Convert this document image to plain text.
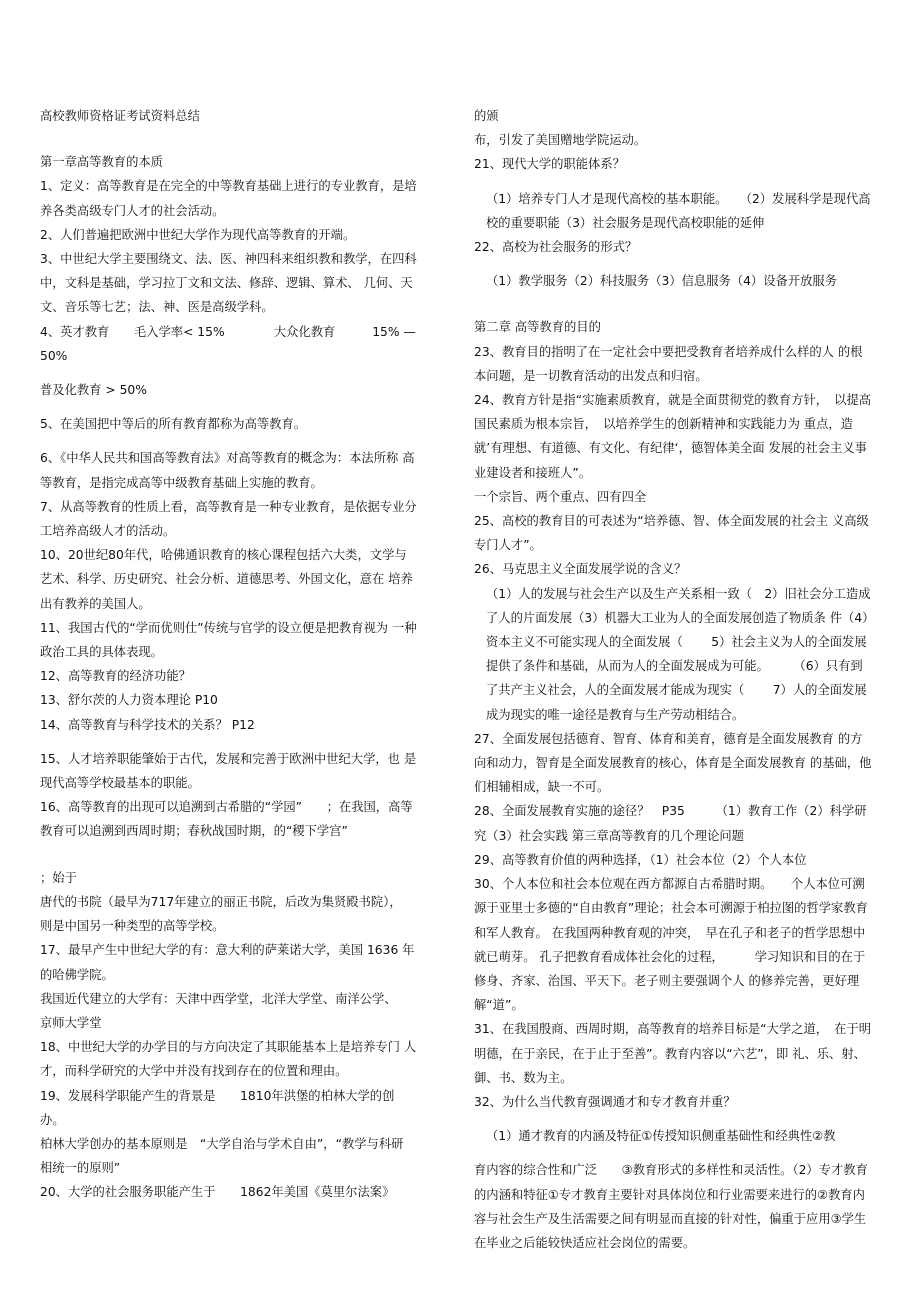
高校教师资格证考试资料总结

第一章高等教育的本质

1、定义：高等教育是在完全的中等教育基础上进行的专业教育，是培养各类高级专门人才的社会活动。

2、人们普遍把欧洲中世纪大学作为现代高等教育的开端。

3、中世纪大学主要围绕文、法、医、神四科来组织教和教学，在四科中，文科是基础，学习拉丁文和文法、修辞、逻辑、算术、 几何、天文、音乐等七艺；法、神、医是高级学科。

4、英才教育　　毛入学率< 15%　　　　大众化教育　　　15% —50%

普及化教育 > 50%

5、在美国把中等后的所有教育都称为高等教育。

6、《中华人民共和国高等教育法》对高等教育的概念为：本法所称 高等教育，是指完成高等中级教育基础上实施的教育。

7、从高等教育的性质上看，高等教育是一种专业教育，是依据专业分工培养高级人才的活动。

10、20世纪80年代，哈佛通识教育的核心课程包括六大类，文学与艺术、科学、历史研究、社会分析、道德思考、外国文化，意在 培养出有教养的美国人。

11、我国古代的“学而优则仕”传统与官学的设立便是把教育视为 一种政治工具的具体表现。

12、高等教育的经济功能？

13、舒尔茨的人力资本理论 P10

14、高等教育与科学技术的关系？ P12

15、人才培养职能肇始于古代，发展和完善于欧洲中世纪大学，也 是现代高等学校最基本的职能。

16、高等教育的出现可以追溯到古希腊的“学园”　　；在我国，高等

教育可以追溯到西周时期；春秋战国时期，的“稷下学宫”

；始于

唐代的书院（最早为717年建立的丽正书院，后改为集贤殿书院），　则是中国另一种类型的高等学校。

17、最早产生中世纪大学的有：意大利的萨莱诺大学，美国 1636 年的哈佛学院。

我国近代建立的大学有：天津中西学堂，北洋大学堂、南洋公学、

京师大学堂

18、中世纪大学的办学目的与方向决定了其职能基本上是培养专门 人才，而科学研究的大学中并没有找到存在的位置和理由。

19、发展科学职能产生的背景是　　1810年洪堡的柏林大学的创办。

柏林大学创办的基本原则是　“大学自治与学术自由”，“教学与科研 相统一的原则”

20、大学的社会服务职能产生于　　1862年美国《莫里尔法案》

的颁

布，引发了美国赠地学院运动。

21、现代大学的职能体系？

（1）培养专门人才是现代高校的基本职能。　　（2）发展科学是现代高校的重要职能（3）社会服务是现代高校职能的延伸

22、高校为社会服务的形式？

（1）教学服务（2）科技服务（3）信息服务（4）设备开放服务

第二章 高等教育的目的

23、教育目的指明了在一定社会中要把受教育者培养成什么样的人 的根本问题，是一切教育活动的出发点和归宿。

24、教育方针是指“实施素质教育，就是全面贯彻党的教育方针，　以提高国民素质为根本宗旨，　以培养学生的创新精神和实践能力为 重点，造就’有理想、有道德、有文化、有纪律‘，德智体美全面 发展的社会主义事业建设者和接班人”。

一个宗旨、两个重点、四有四全

25、高校的教育目的可表述为“培养德、智、体全面发展的社会主 义高级专门人才”。

26、马克思主义全面发展学说的含义？

（1）人的发展与社会生产以及生产关系相一致（　2）旧社会分工造成了人的片面发展（3）机器大工业为人的全面发展创造了物质条 件（4）资本主义不可能实现人的全面发展（　　 5）社会主义为人的全面发展提供了条件和基础，从而为人的全面发展成为可能。　　　（6）只有到了共产主义社会，人的全面发展才能成为现实（　　 7）人的全面发展成为现实的唯一途径是教育与生产劳动相结合。

27、全面发展包括德育、智育、体育和美育，德育是全面发展教育 的方向和动力，智育是全面发展教育的核心，体育是全面发展教育 的基础，他们相辅相成，缺一不可。

28、全面发展教育实施的途径？　P35　　　（1）教育工作（2）科学研究（3）社会实践 第三章高等教育的几个理论问题

29、高等教育价值的两种选择，（1）社会本位（2）个人本位

30、个人本位和社会本位观在西方都源自古希腊时期。　　个人本位可溯源于亚里士多德的“自由教育”理论；社会本可溯源于柏拉图的哲学家教育和军人教育。 在我国两种教育观的冲突，　早在孔子和老子的哲学思想中就已萌芽。 孔子把教育看成体社会化的过程，　　　学习知识和目的在于修身、齐家、治国、平天下。老子则主要强调个人 的修养完善，更好理解“道”。

31、在我国殷商、西周时期，高等教育的培养目标是“大学之道，　在于明明德，在于亲民，在于止于至善”。教育内容以“六艺”，即 礼、乐、射、御、书、数为主。

32、为什么当代教育强调通才和专才教育并重？

（1）通才教育的内涵及特征①传授知识侧重基础性和经典性②教

育内容的综合性和广泛　　③教育形式的多样性和灵活性。（2）专才教育的内涵和特征①专才教育主要针对具体岗位和行业需要来进行的②教育内容与社会生产及生活需要之间有明显而直接的针对性，偏重于应用③学生在毕业之后能较快适应社会岗位的需要。
